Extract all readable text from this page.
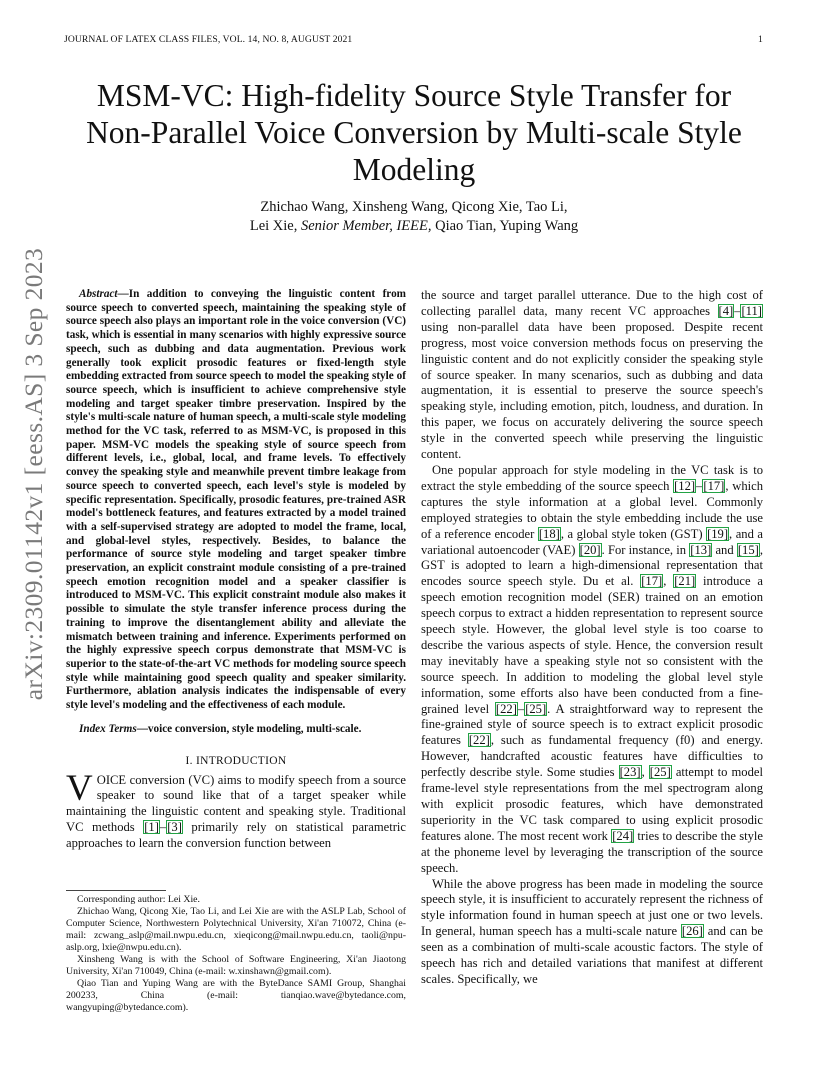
JOURNAL OF LATEX CLASS FILES, VOL. 14, NO. 8, AUGUST 2021	1
arXiv:2309.01142v1 [eess.AS] 3 Sep 2023
MSM-VC: High-fidelity Source Style Transfer for Non-Parallel Voice Conversion by Multi-scale Style Modeling
Zhichao Wang, Xinsheng Wang, Qicong Xie, Tao Li,
Lei Xie, Senior Member, IEEE, Qiao Tian, Yuping Wang

Abstract—In addition to conveying the linguistic content from source speech to converted speech, maintaining the speaking style of source speech also plays an important role in the voice conversion (VC) task, which is essential in many scenarios with highly expressive source speech, such as dubbing and data augmentation. Previous work generally took explicit prosodic features or fixed-length style embedding extracted from source speech to model the speaking style of source speech, which is insufficient to achieve comprehensive style modeling and target speaker timbre preservation. Inspired by the style's multi-scale nature of human speech, a multi-scale style modeling method for the VC task, referred to as MSM-VC, is proposed in this paper. MSM-VC models the speaking style of source speech from different levels, i.e., global, local, and frame levels. To effectively convey the speaking style and meanwhile prevent timbre leakage from source speech to converted speech, each level's style is modeled by specific representation. Specifically, prosodic features, pre-trained ASR model's bottleneck features, and features extracted by a model trained with a self-supervised strategy are adopted to model the frame, local, and global-level styles, respectively. Besides, to balance the performance of source style modeling and target speaker timbre preservation, an explicit constraint module consisting of a pre-trained speech emotion recognition model and a speaker classifier is introduced to MSM-VC. This explicit constraint module also makes it possible to simulate the style transfer inference process during the training to improve the disentanglement ability and alleviate the mismatch between training and inference. Experiments performed on the highly expressive speech corpus demonstrate that MSM-VC is superior to the state-of-the-art VC methods for modeling source speech style while maintaining good speech quality and speaker similarity. Furthermore, ablation analysis indicates the indispensable of every style level's modeling and the effectiveness of each module.

Index Terms—voice conversion, style modeling, multi-scale.

I. INTRODUCTION

VOICE conversion (VC) aims to modify speech from a source speaker to sound like that of a target speaker while maintaining the linguistic content and speaking style. Traditional VC methods [1]–[3] primarily rely on statistical parametric approaches to learn the conversion function between

Corresponding author: Lei Xie.

Zhichao Wang, Qicong Xie, Tao Li, and Lei Xie are with the ASLP Lab, School of Computer Science, Northwestern Polytechnical University, Xi'an 710072, China (e-mail: zcwang_aslp@mail.nwpu.edu.cn, xieqicong@mail.nwpu.edu.cn, taoli@npu-aslp.org, lxie@nwpu.edu.cn).

Xinsheng Wang is with the School of Software Engineering, Xi'an Jiaotong University, Xi'an 710049, China (e-mail: w.xinshawn@gmail.com).

Qiao Tian and Yuping Wang are with the ByteDance SAMI Group, Shanghai 200233, China (e-mail: tianqiao.wave@bytedance.com, wangyuping@bytedance.com).

the source and target parallel utterance. Due to the high cost of collecting parallel data, many recent VC approaches [4]–[11] using non-parallel data have been proposed. Despite recent progress, most voice conversion methods focus on preserving the linguistic content and do not explicitly consider the speaking style of source speaker. In many scenarios, such as dubbing and data augmentation, it is essential to preserve the source speech's speaking style, including emotion, pitch, loudness, and duration. In this paper, we focus on accurately delivering the source speech style in the converted speech while preserving the linguistic content.

One popular approach for style modeling in the VC task is to extract the style embedding of the source speech [12]–[17], which captures the style information at a global level. Commonly employed strategies to obtain the style embedding include the use of a reference encoder [18], a global style token (GST) [19], and a variational autoencoder (VAE) [20]. For instance, in [13] and [15], GST is adopted to learn a high-dimensional representation that encodes source speech style. Du et al. [17], [21] introduce a speech emotion recognition model (SER) trained on an emotion speech corpus to extract a hidden representation to represent source speech style. However, the global level style is too coarse to describe the various aspects of style. Hence, the conversion result may inevitably have a speaking style not so consistent with the source speech. In addition to modeling the global level style information, some efforts also have been conducted from a fine-grained level [22]–[25]. A straightforward way to represent the fine-grained style of source speech is to extract explicit prosodic features [22], such as fundamental frequency (f0) and energy. However, handcrafted acoustic features have difficulties to perfectly describe style. Some studies [23], [25] attempt to model frame-level style representations from the mel spectrogram along with explicit prosodic features, which have demonstrated superiority in the VC task compared to using explicit prosodic features alone. The most recent work [24] tries to describe the style at the phoneme level by leveraging the transcription of the source speech.

While the above progress has been made in modeling the source speech style, it is insufficient to accurately represent the richness of style information found in human speech at just one or two levels. In general, human speech has a multi-scale nature [26] and can be seen as a combination of multi-scale acoustic factors. The style of speech has rich and detailed variations that manifest at different scales. Specifically, we
